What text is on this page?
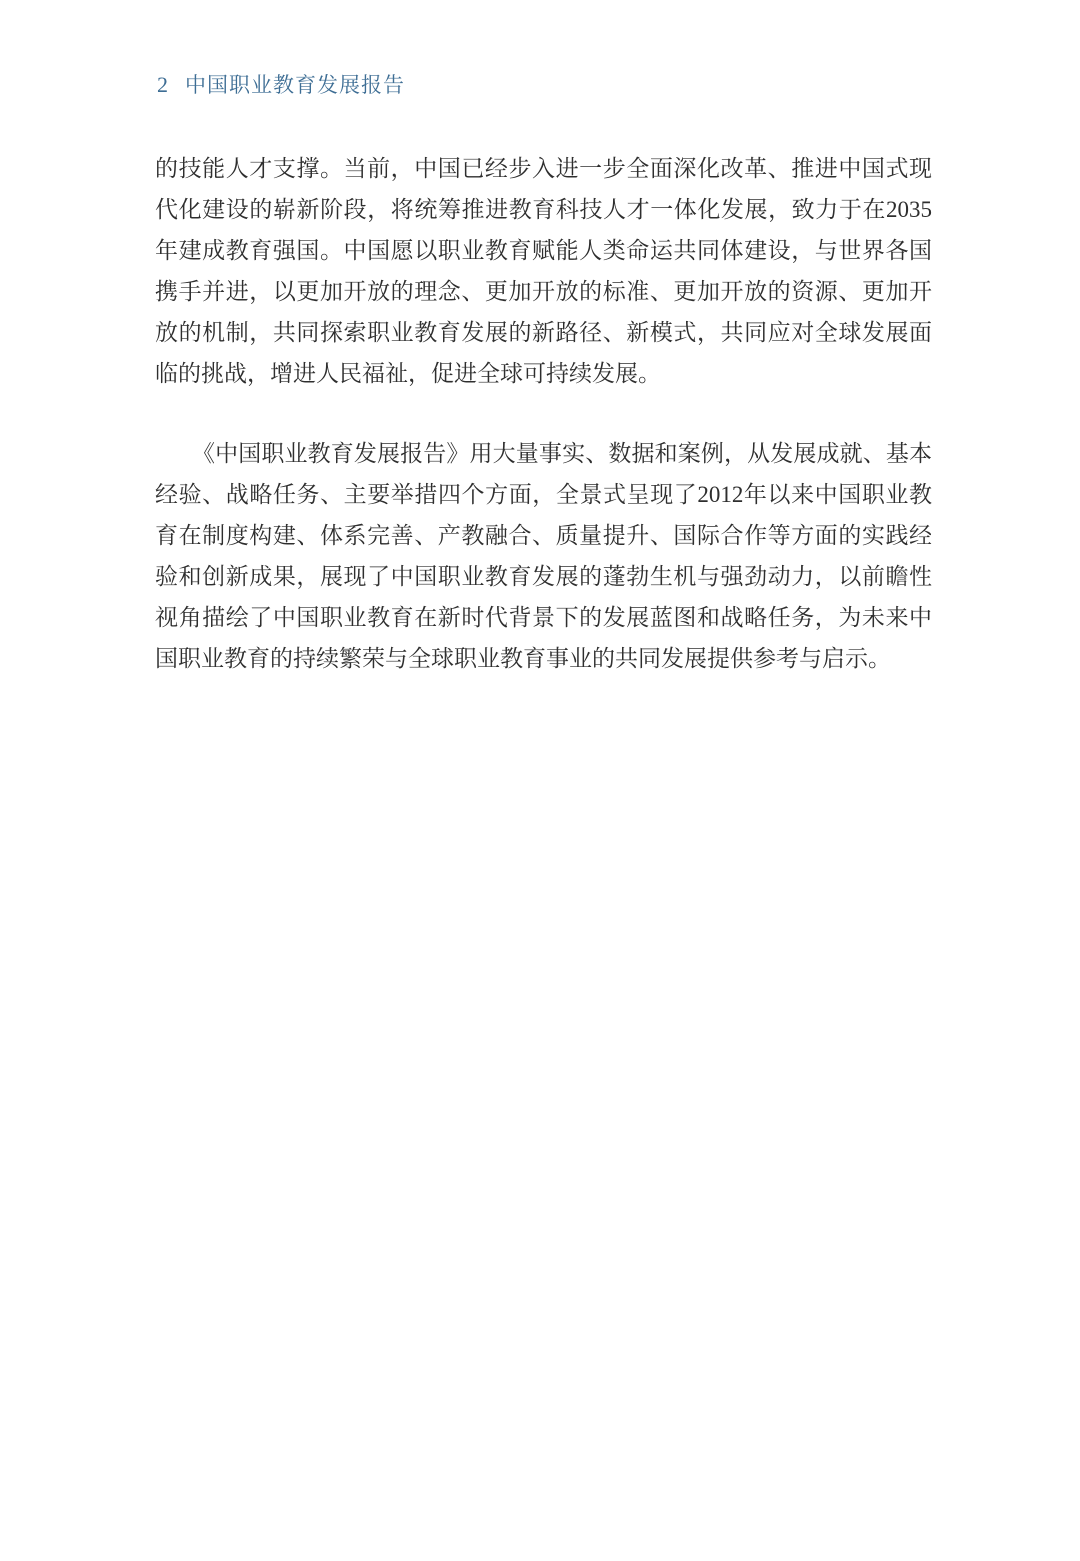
2 中国职业教育发展报告
的技能人才支撑。当前，中国已经步入进一步全面深化改革、推进中国式现
代化建设的崭新阶段，将统筹推进教育科技人才一体化发展，致力于在2035
年建成教育强国。中国愿以职业教育赋能人类命运共同体建设，与世界各国
携手并进，以更加开放的理念、更加开放的标准、更加开放的资源、更加开
放的机制，共同探索职业教育发展的新路径、新模式，共同应对全球发展面
临的挑战，增进人民福祉，促进全球可持续发展。
《中国职业教育发展报告》用大量事实、数据和案例，从发展成就、基本
经验、战略任务、主要举措四个方面，全景式呈现了2012年以来中国职业教
育在制度构建、体系完善、产教融合、质量提升、国际合作等方面的实践经
验和创新成果，展现了中国职业教育发展的蓬勃生机与强劲动力，以前瞻性
视角描绘了中国职业教育在新时代背景下的发展蓝图和战略任务，为未来中
国职业教育的持续繁荣与全球职业教育事业的共同发展提供参考与启示。
